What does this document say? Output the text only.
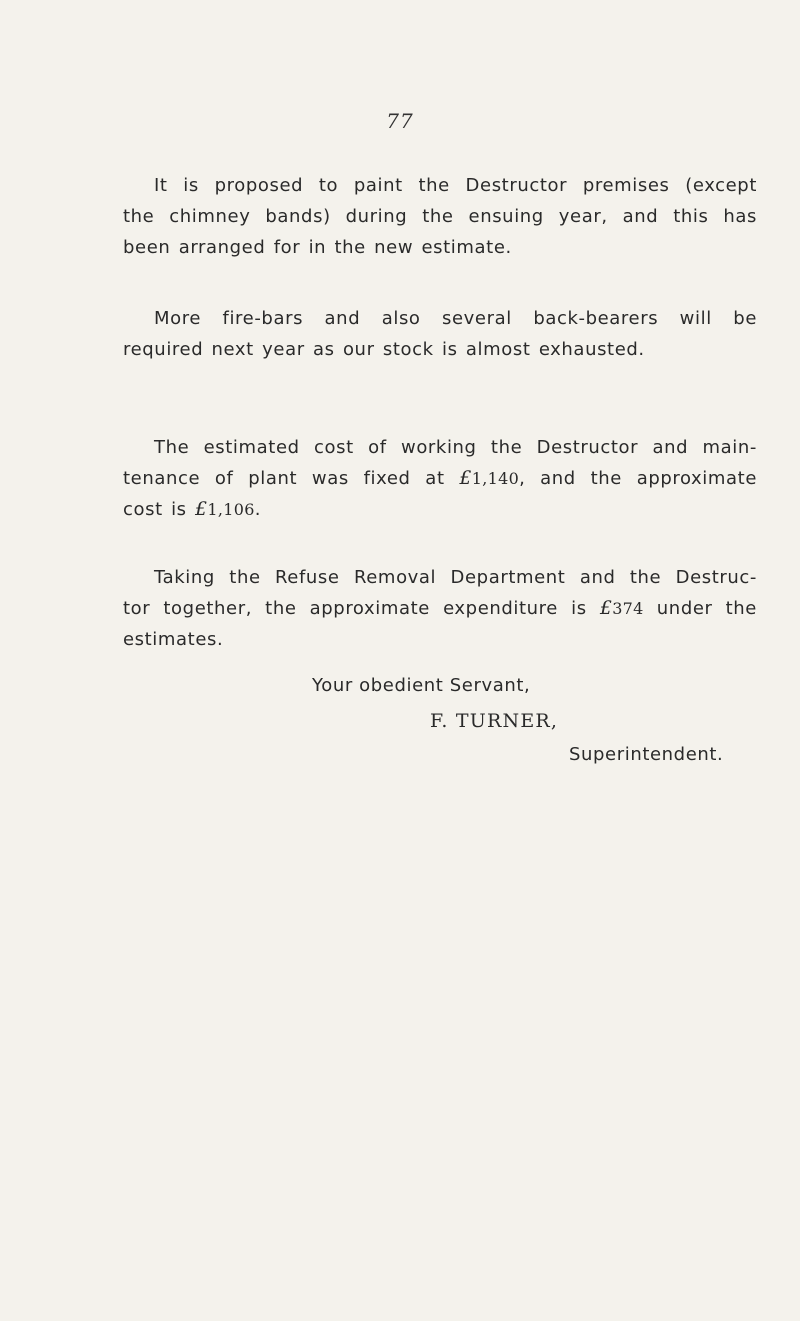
77
It is proposed to paint the Destructor premises (except
the chimney bands) during the ensuing year, and this has
been arranged for in the new estimate.
More fire-bars and also several back-bearers will be
required next year as our stock is almost exhausted.
The estimated cost of working the Destructor and main-
tenance of plant was fixed at £1,140, and the approximate
cost is £1,106.
Taking the Refuse Removal Department and the Destruc-
tor together, the approximate expenditure is £374 under the
estimates.
Your obedient Servant,
F. TURNER,
Superintendent.
